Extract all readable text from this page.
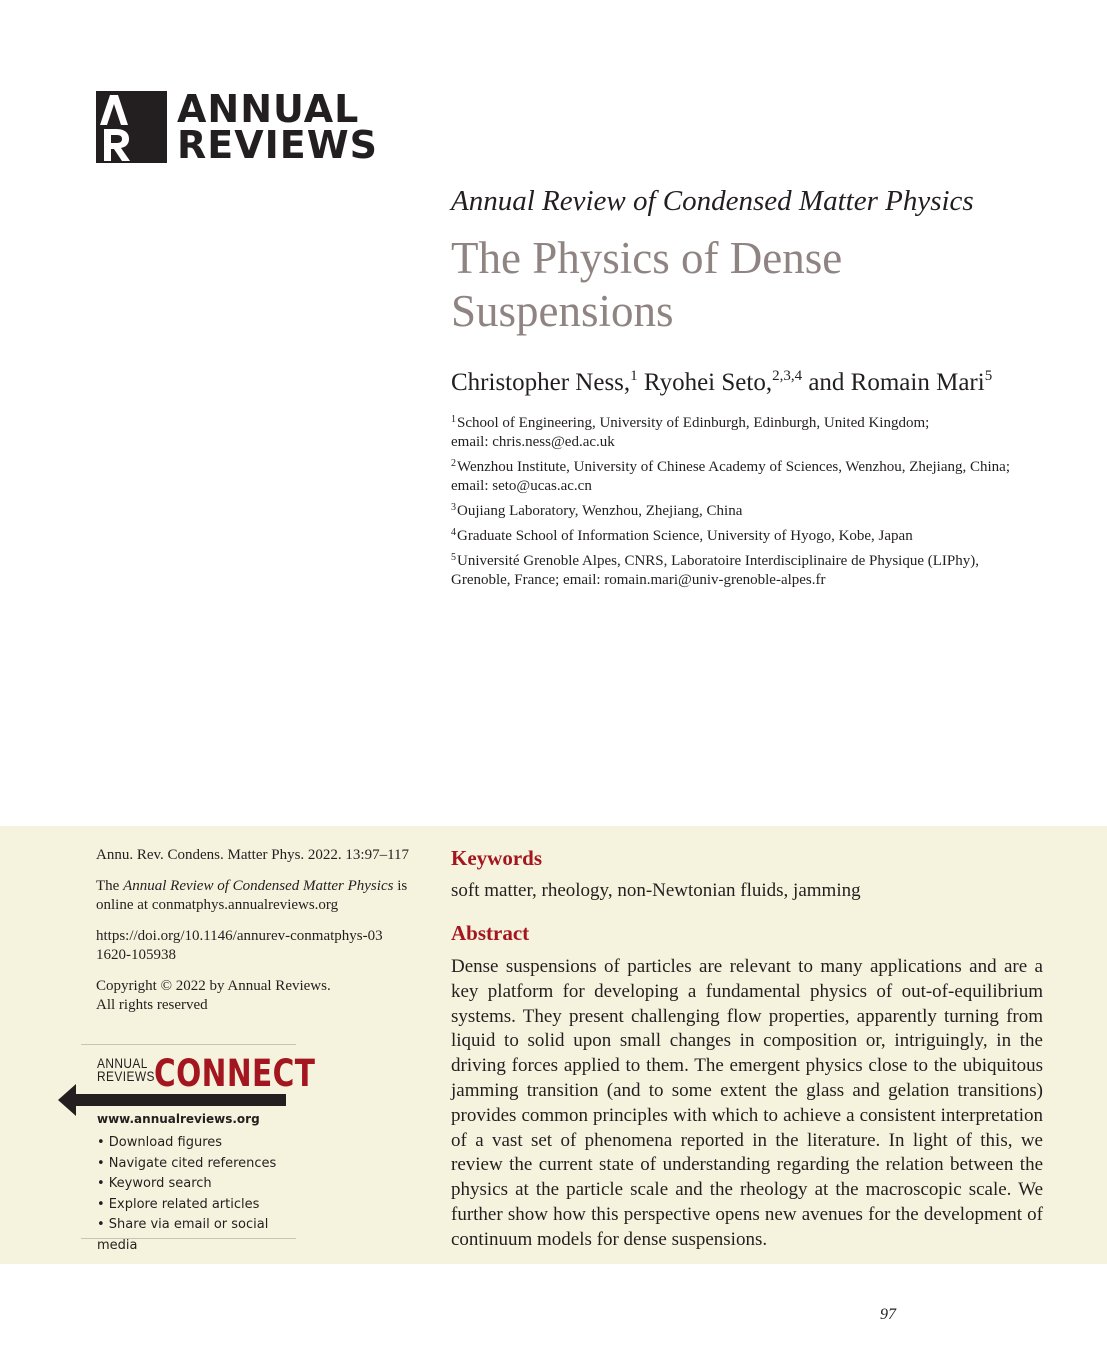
ANNUAL
REVIEWS
Annual Review of Condensed Matter Physics
The Physics of Dense Suspensions
Christopher Ness,$^1$ Ryohei Seto,$^{2,3,4}$ and Romain Mari$^5$
$^1$School of Engineering, University of Edinburgh, Edinburgh, United Kingdom;
email: chris.ness@ed.ac.uk
$^2$Wenzhou Institute, University of Chinese Academy of Sciences, Wenzhou, Zhejiang, China;
email: seto@ucas.ac.cn
$^3$Oujiang Laboratory, Wenzhou, Zhejiang, China
$^4$Graduate School of Information Science, University of Hyogo, Kobe, Japan
$^5$Université Grenoble Alpes, CNRS, Laboratoire Interdisciplinaire de Physique (LIPhy),
Grenoble, France; email: romain.mari@univ-grenoble-alpes.fr

Annu. Rev. Condens. Matter Phys. 2022. 13:97–117

The Annual Review of Condensed Matter Physics is online at conmatphys.annualreviews.org

https://doi.org/10.1146/annurev-conmatphys-031620-105938

Copyright © 2022 by Annual Reviews.
All rights reserved

ANNUAL
REVIEWS CONNECT
www.annualreviews.org
• Download figures
• Navigate cited references
• Keyword search
• Explore related articles
• Share via email or social media
Keywords
soft matter, rheology, non-Newtonian fluids, jamming
Abstract

Dense suspensions of particles are relevant to many applications and are a key platform for developing a fundamental physics of out-of-equilibrium systems. They present challenging flow properties, apparently turning from liquid to solid upon small changes in composition or, intriguingly, in the driving forces applied to them. The emergent physics close to the ubiquitous jamming transition (and to some extent the glass and gelation transitions) provides common principles with which to achieve a consistent interpretation of a vast set of phenomena reported in the literature. In light of this, we review the current state of understanding regarding the relation between the physics at the particle scale and the rheology at the macroscopic scale. We further show how this perspective opens new avenues for the development of continuum models for dense suspensions.

97
